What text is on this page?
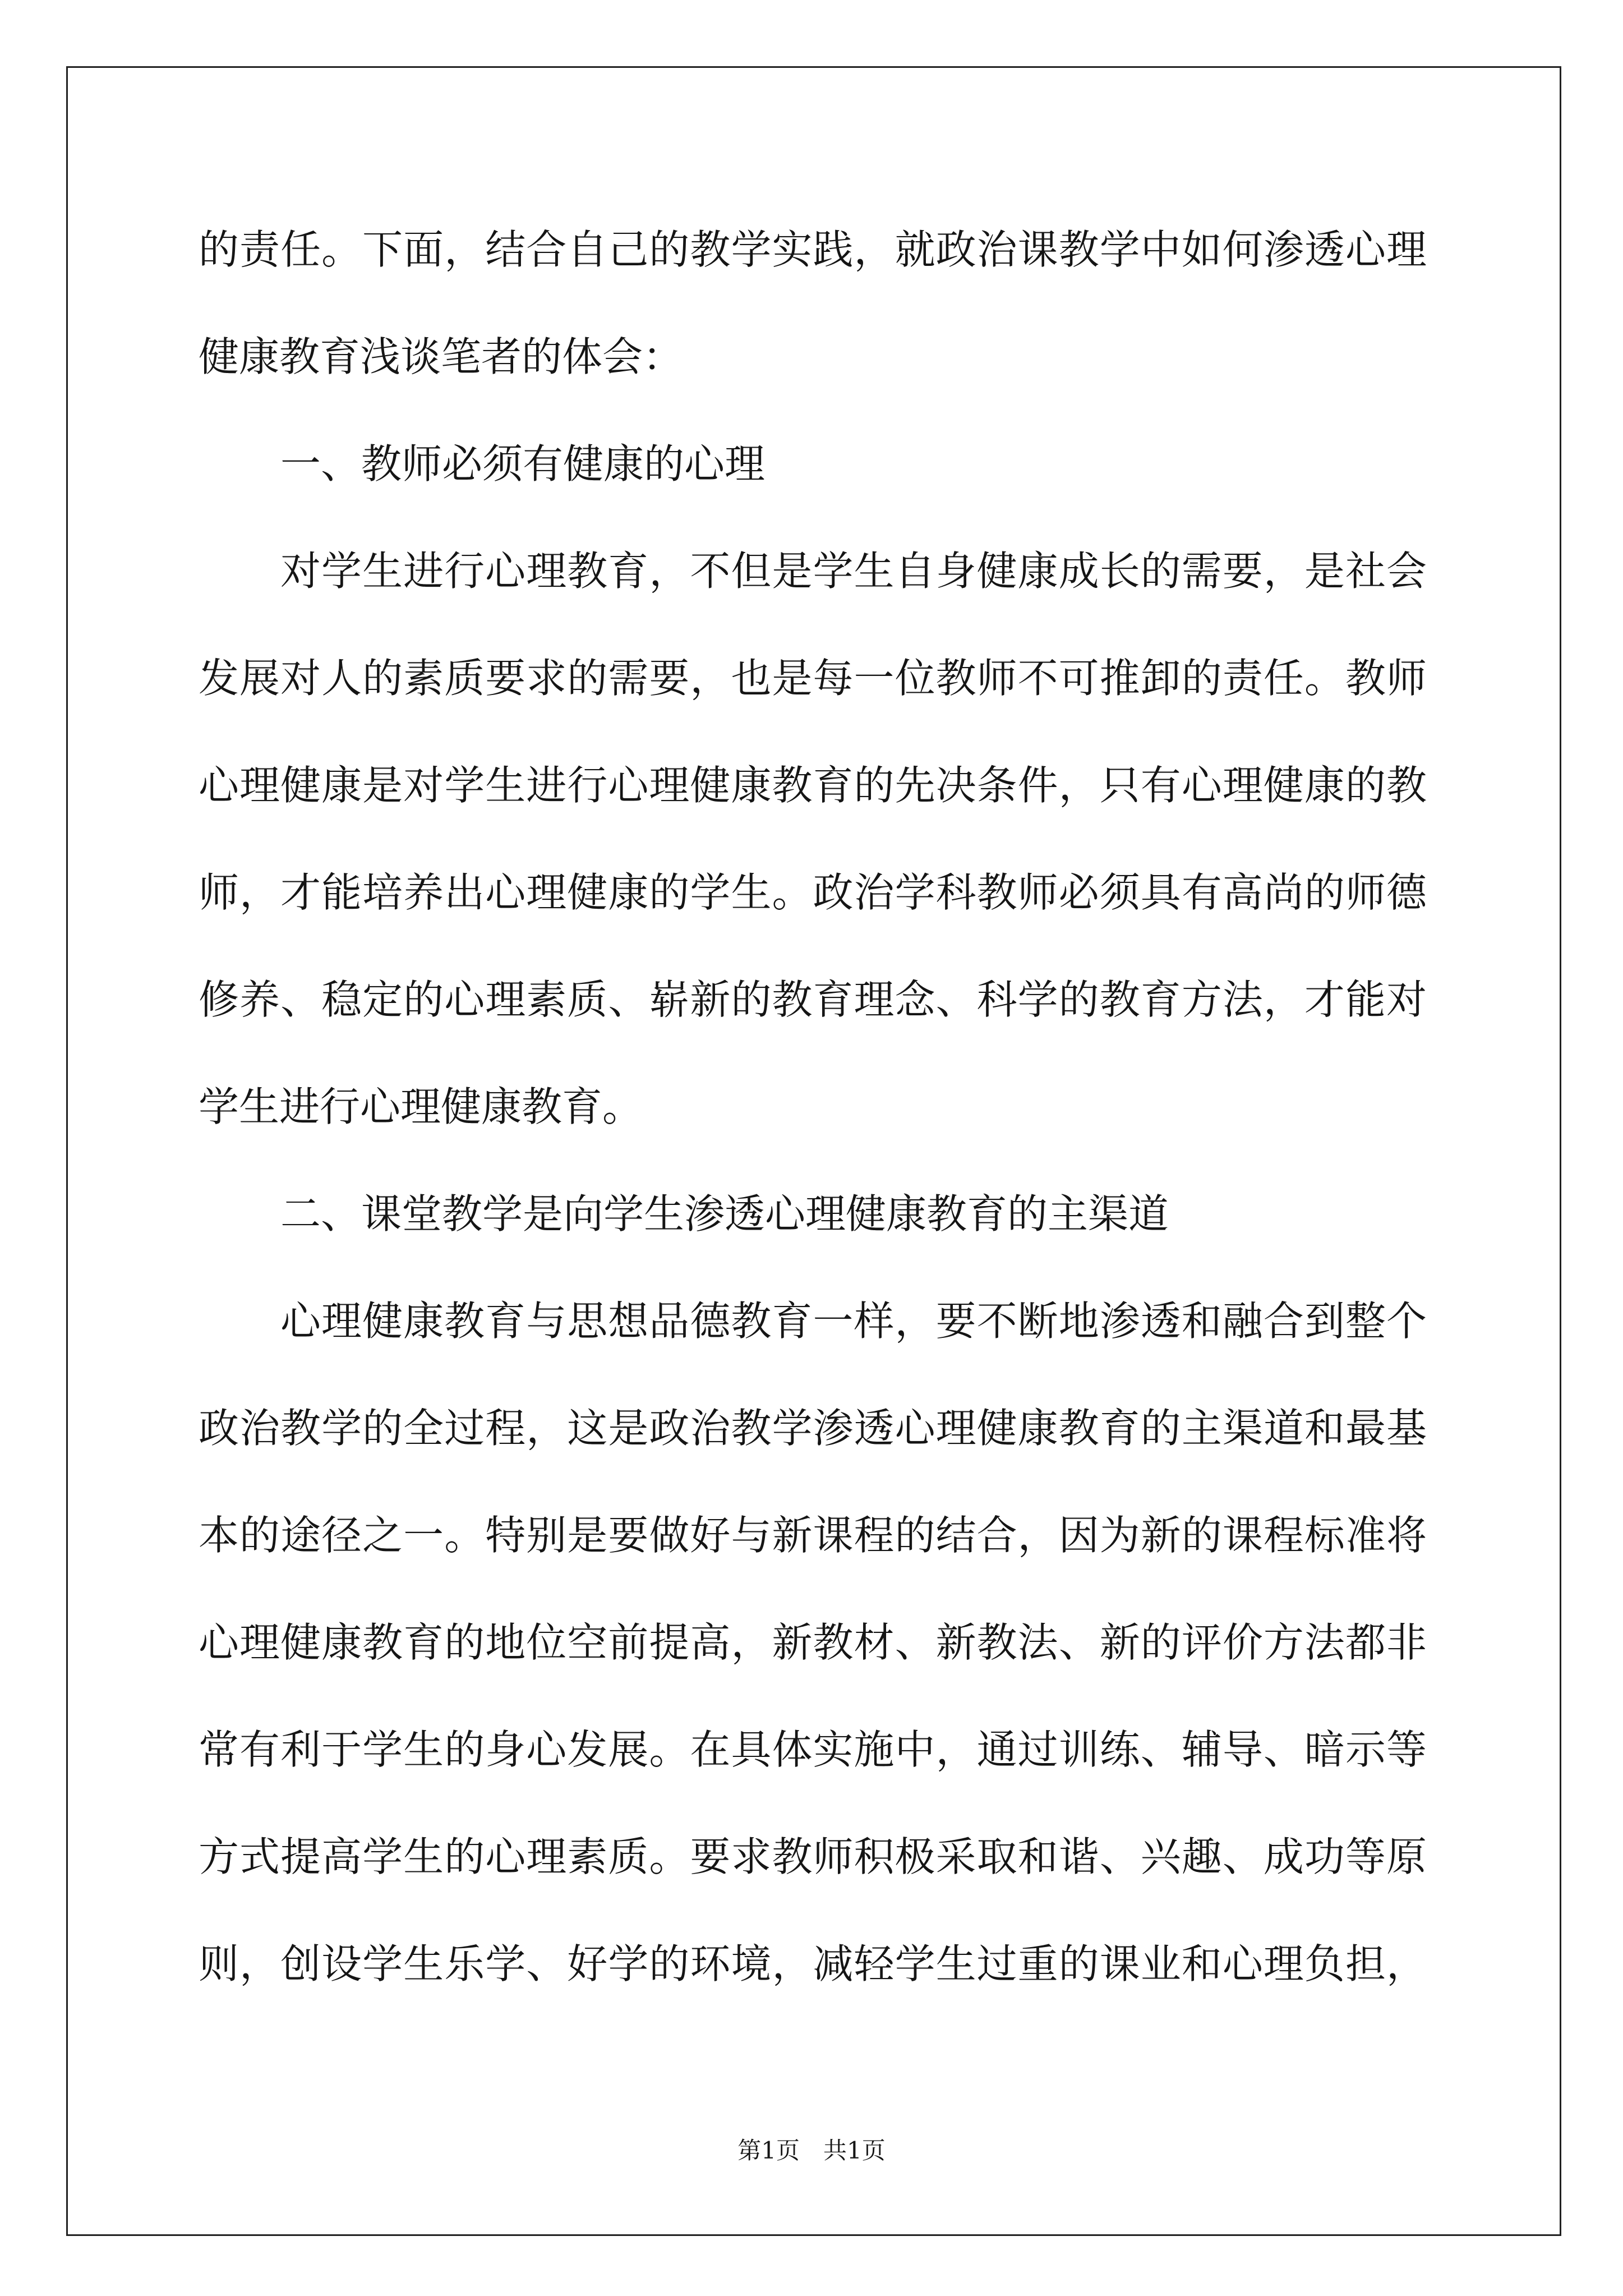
的责任。下面，结合自己的教学实践，就政治课教学中如何渗透心理
健康教育浅谈笔者的体会：
一、教师必须有健康的心理
对学生进行心理教育，不但是学生自身健康成长的需要，是社会
发展对人的素质要求的需要，也是每一位教师不可推卸的责任。教师
心理健康是对学生进行心理健康教育的先决条件，只有心理健康的教
师，才能培养出心理健康的学生。政治学科教师必须具有高尚的师德
修养、稳定的心理素质、崭新的教育理念、科学的教育方法，才能对
学生进行心理健康教育。
二、课堂教学是向学生渗透心理健康教育的主渠道
心理健康教育与思想品德教育一样，要不断地渗透和融合到整个
政治教学的全过程，这是政治教学渗透心理健康教育的主渠道和最基
本的途径之一。特别是要做好与新课程的结合，因为新的课程标准将
心理健康教育的地位空前提高，新教材、新教法、新的评价方法都非
常有利于学生的身心发展。在具体实施中，通过训练、辅导、暗示等
方式提高学生的心理素质。要求教师积极采取和谐、兴趣、成功等原
则，创设学生乐学、好学的环境，减轻学生过重的课业和心理负担，
第1页　共1页
